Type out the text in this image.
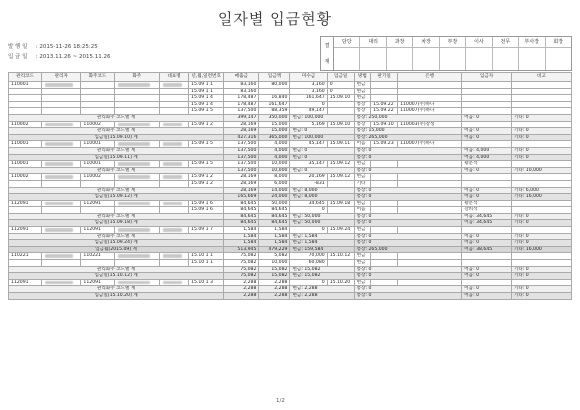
일자별 입금현황
발 행 일 : 2015-11-26 18:25:25
입 금 일 : 2013.11.26 ~ 2015.11.26
결
재
담당	대리	과장	차장	부장	이사	전무	부사장	회장
관리코드	관리자	화주코드	화주	대표명	년,월,일련번호	매출금	입금액	미수금	입금일	방법	판기일	은행	입금자	비고
110001					15.09 1 1	83,160	80,000	3,160	0	현금				
					15.09 1 1	83,160		3,160	0	현금				
					15.09 1 4	178,487	16,840	161,647	15.09.10	현금				
					15.09 1 4	178,487	161,647	0		통장	15.09.22	110007(주)하다		
					15.09 1 5	137,500	88,359	49,147		통장	15.09.22	110007(주)하다		
관리화주 코드별 계						399,147	350,000	현금: 100,000		통장: 250,000			어음: 0	기타: 0
110002		110002			15.09 1 2	28,169	15,000	5,169	15.09.10	통장	15.09.10	110003(주)강성		
관리화주 코드별 계						28,169	15,000	현금: 0		통장: 15,000			어음: 0	기타: 0
입금일[15.09.10] 계						427,316	365,000	현금: 100,000		통장: 265,000			어음: 0	기타: 0
110001		110001			15.09 1 5	137,500	4,000	45,147	15.09.11	어음	15.09.23	110007(주)하다		
관리화주 코드별 계						137,500	4,000	현금: 0		통장: 0			어음: 4,000	기타: 0
입금일[15.09.11] 계						137,500	4,000	현금: 0		통장: 0			어음: 4,000	기타: 0
110001		110001			15.09 1 5	137,500	10,000	35,147	15.09.12	현금			황문석	
관리화주 코드별 계						137,500	10,000	현금: 0		통장: 0			어음: 0	기타: 10,000
110002		110002			15.09 1 2	28,169	8,000	20,169	15.09.12	현금				
					15.09 1 2	28,169	6,000	-831		기타				
관리화주 코드별 계						28,169	14,000	현금: 8,000		통장: 0			어음: 0	기타: 6,000
입금일[15.09.12] 계						165,669	24,000	현금: 8,000		통장: 0			어음: 0	기타: 16,000
112091		112091			15.09 1 6	84,645	50,000	34,645	15.09.18	현금			황문석	
					15.09 1 6	84,645	84,645	0		어음			강희석	
관리화주 코드별 계						84,645	84,645	현금: 50,000		통장: 0			어음: 34,645	기타: 0
입금일[15.09.18] 계						84,645	84,645	현금: 50,000		통장: 0			어음: 34,645	기타: 0
112091		112091			15.09 1 7	1,584	1,584	0	15.09.24	현금				
관리화주 코드별 계						1,584	1,584	현금: 1,584		통장: 0			어음: 0	기타: 0
입금일[15.09.24] 계						1,584	1,584	현금: 1,584		통장: 0			어음: 0	기타: 0
입금월[2015.09] 계						513,945	479,229	현금: 159,584		통장: 265,000			어음: 38,645	기타: 16,000
110221		110221			15.10 1 1	75,082	5,082	70,000	15.10.12	현금				
					15.10 1 1	75,082	10,000	60,080		현금				
관리화주 코드별 계						75,082	15,082	현금: 15,082		통장: 0			어음: 0	기타: 0
입금일[15.10.12] 계						75,082	15,082	현금: 15,082		통장: 0			어음: 0	기타: 0
112091		112091			15.10 1 3	2,288	2,288	0	15.10.20	현금				
관리화주 코드별 계						2,288	2,288	현금: 2,288		통장: 0			어음: 0	기타: 0
입금일[15.10.20] 계						2,288	2,288	현금: 2,288		통장: 0			어음: 0	기타: 0
1/2
